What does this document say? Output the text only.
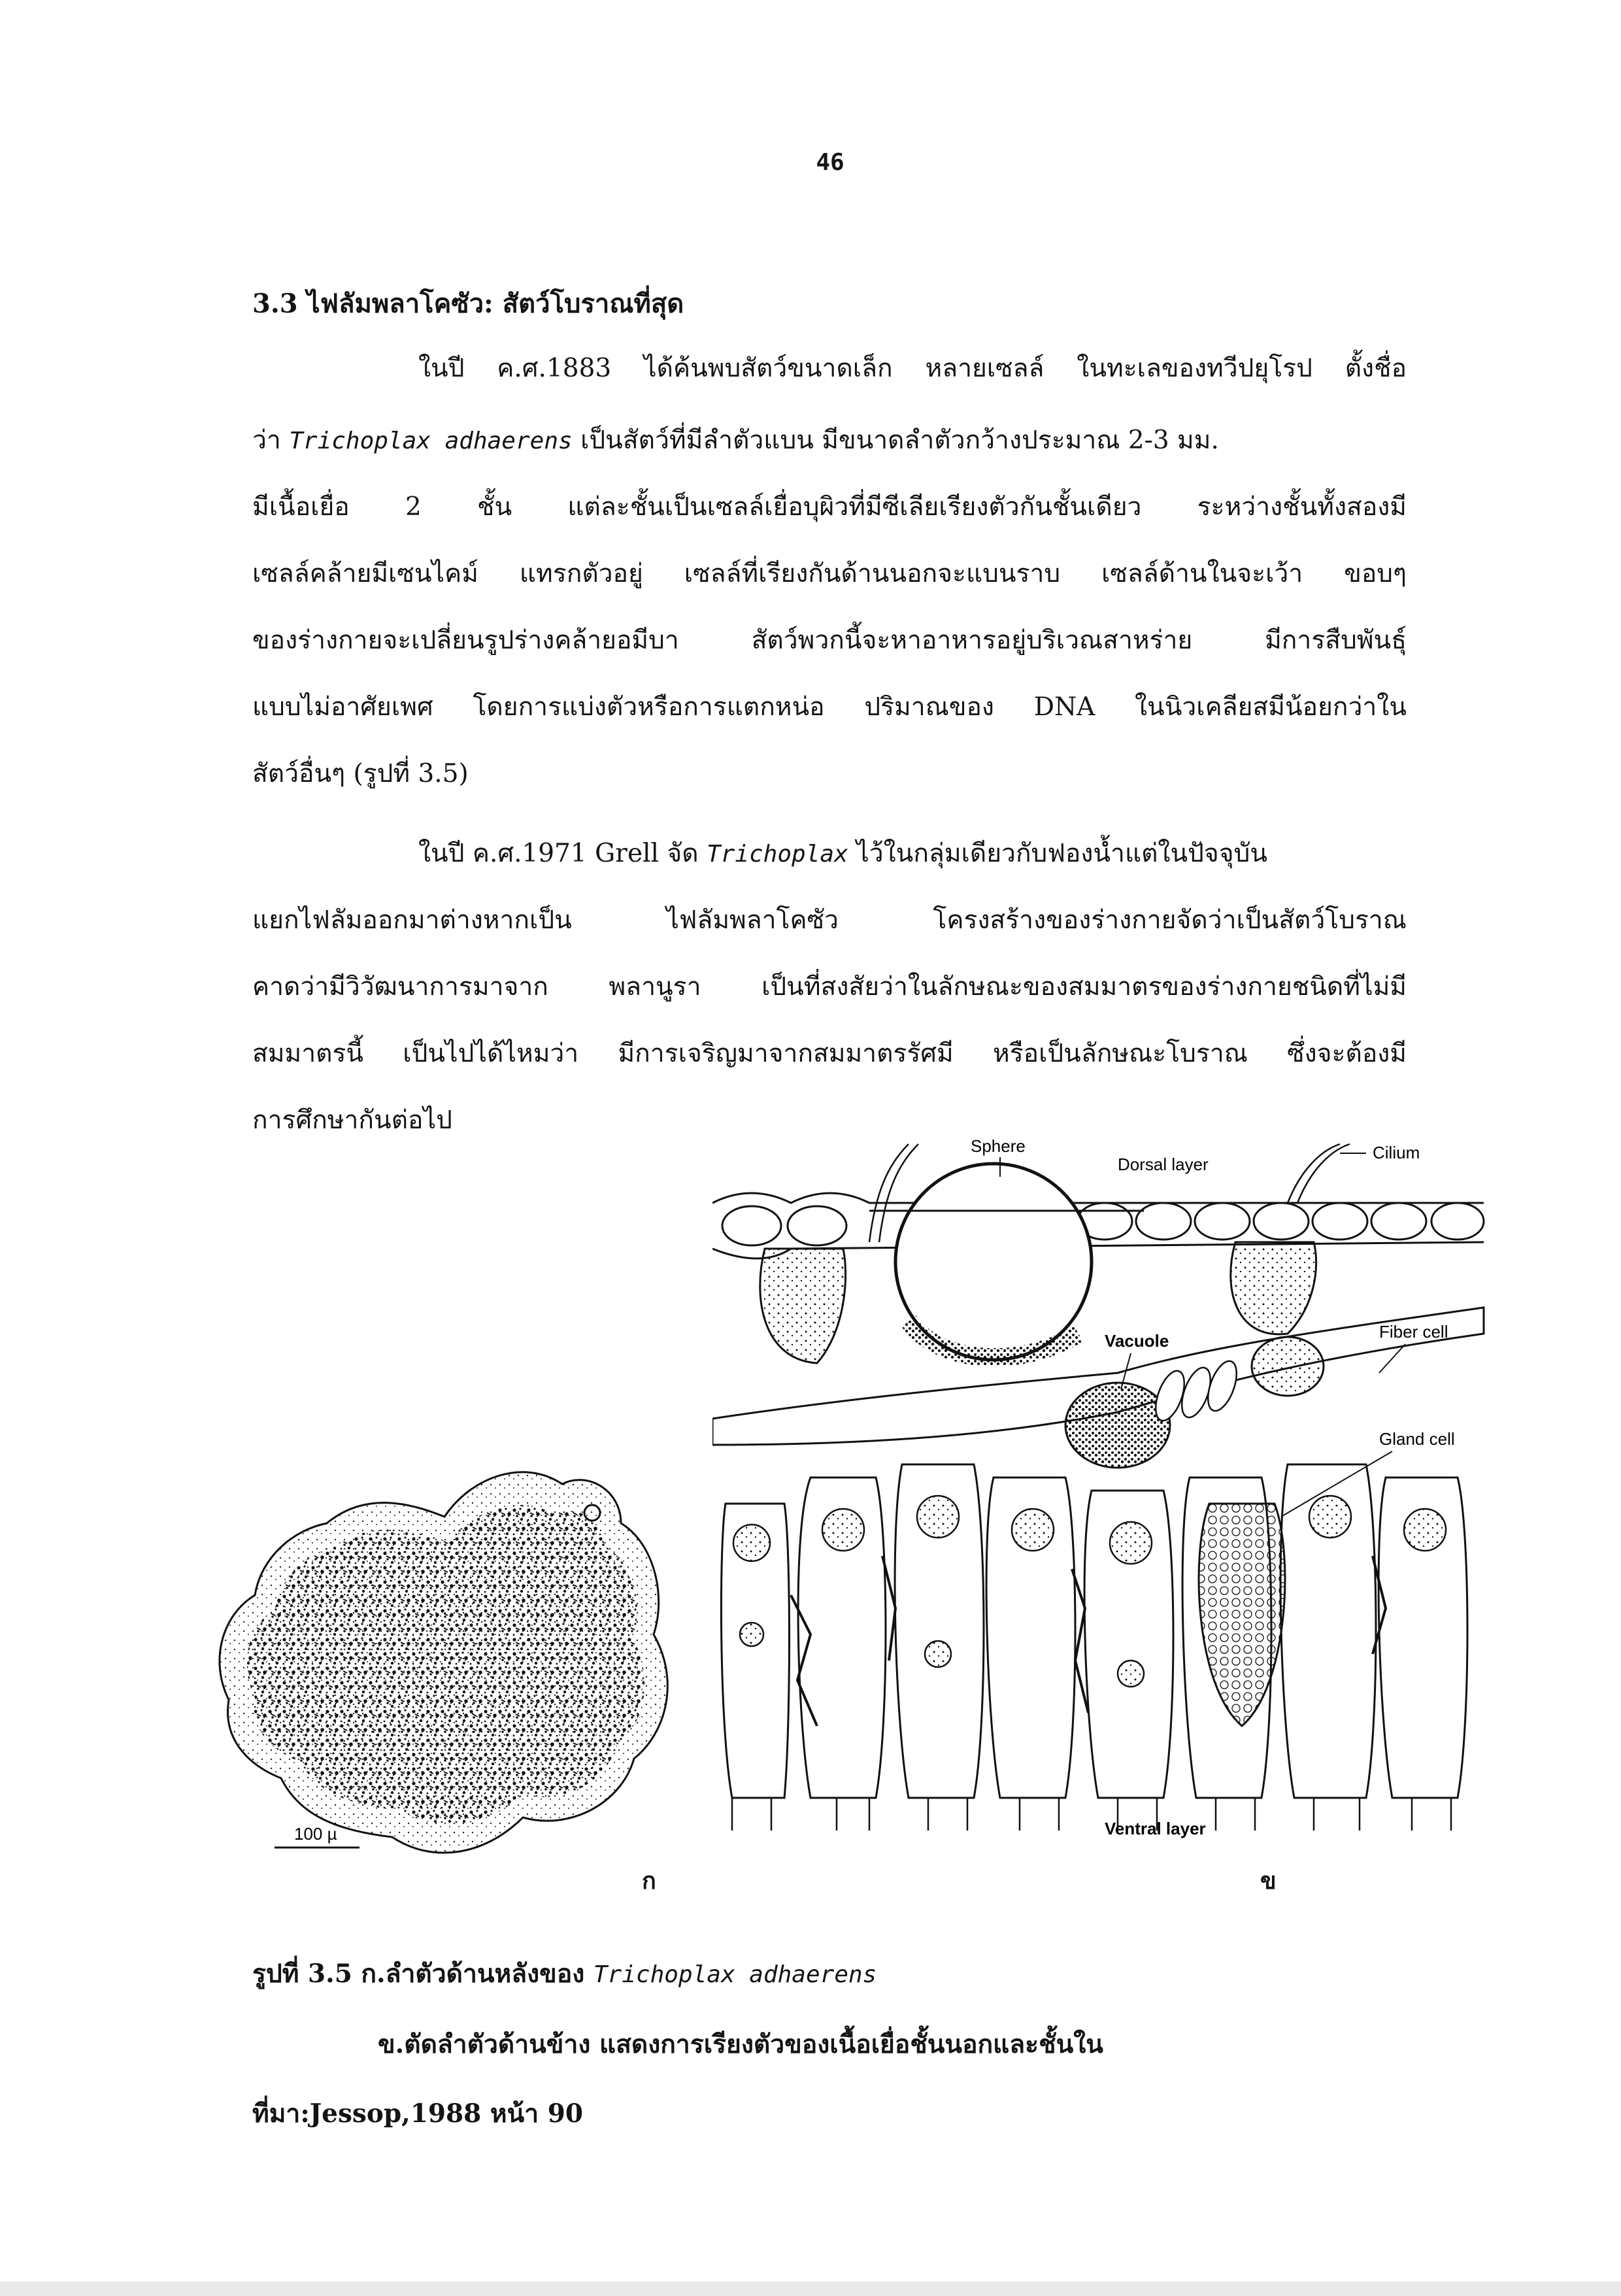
46
3.3 ไฟลัมพลาโคซัว: สัตว์โบราณที่สุด
ในปี ค.ศ.1883 ได้ค้นพบสัตว์ขนาดเล็ก หลายเซลล์ ในทะเลของทวีปยุโรป ตั้งชื่อ
ว่า Trichoplax adhaerens เป็นสัตว์ที่มีลำตัวแบน มีขนาดลำตัวกว้างประมาณ 2-3 มม.
มีเนื้อเยื่อ 2 ชั้น แต่ละชั้นเป็นเซลล์เยื่อบุผิวที่มีซีเลียเรียงตัวกันชั้นเดียว ระหว่างชั้นทั้งสองมี
เซลล์คล้ายมีเซนไคม์ แทรกตัวอยู่ เซลล์ที่เรียงกันด้านนอกจะแบนราบ เซลล์ด้านในจะเว้า ขอบๆ
ของร่างกายจะเปลี่ยนรูปร่างคล้ายอมีบา สัตว์พวกนี้จะหาอาหารอยู่บริเวณสาหร่าย มีการสืบพันธุ์
แบบไม่อาศัยเพศ โดยการแบ่งตัวหรือการแตกหน่อ ปริมาณของ DNA ในนิวเคลียสมีน้อยกว่าใน
สัตว์อื่นๆ (รูปที่ 3.5)
ในปี ค.ศ.1971 Grell จัด Trichoplax ไว้ในกลุ่มเดียวกับฟองน้ำแต่ในปัจจุบัน
แยกไฟลัมออกมาต่างหากเป็น ไฟลัมพลาโคซัว โครงสร้างของร่างกายจัดว่าเป็นสัตว์โบราณ
คาดว่ามีวิวัฒนาการมาจาก พลานูรา เป็นที่สงสัยว่าในลักษณะของสมมาตรของร่างกายชนิดที่ไม่มี
สมมาตรนี้ เป็นไปได้ไหมว่า มีการเจริญมาจากสมมาตรรัศมี หรือเป็นลักษณะโบราณ ซึ่งจะต้องมี
การศึกษากันต่อไป
100 µ
Sphere
Dorsal layer
Cilium
Vacuole	Fiber cell
Gland cell
Ventral layer
ก	ข
รูปที่ 3.5 ก.ลำตัวด้านหลังของ Trichoplax adhaerens
ข.ตัดลำตัวด้านข้าง แสดงการเรียงตัวของเนื้อเยื่อชั้นนอกและชั้นใน
ที่มา:Jessop,1988 หน้า 90
